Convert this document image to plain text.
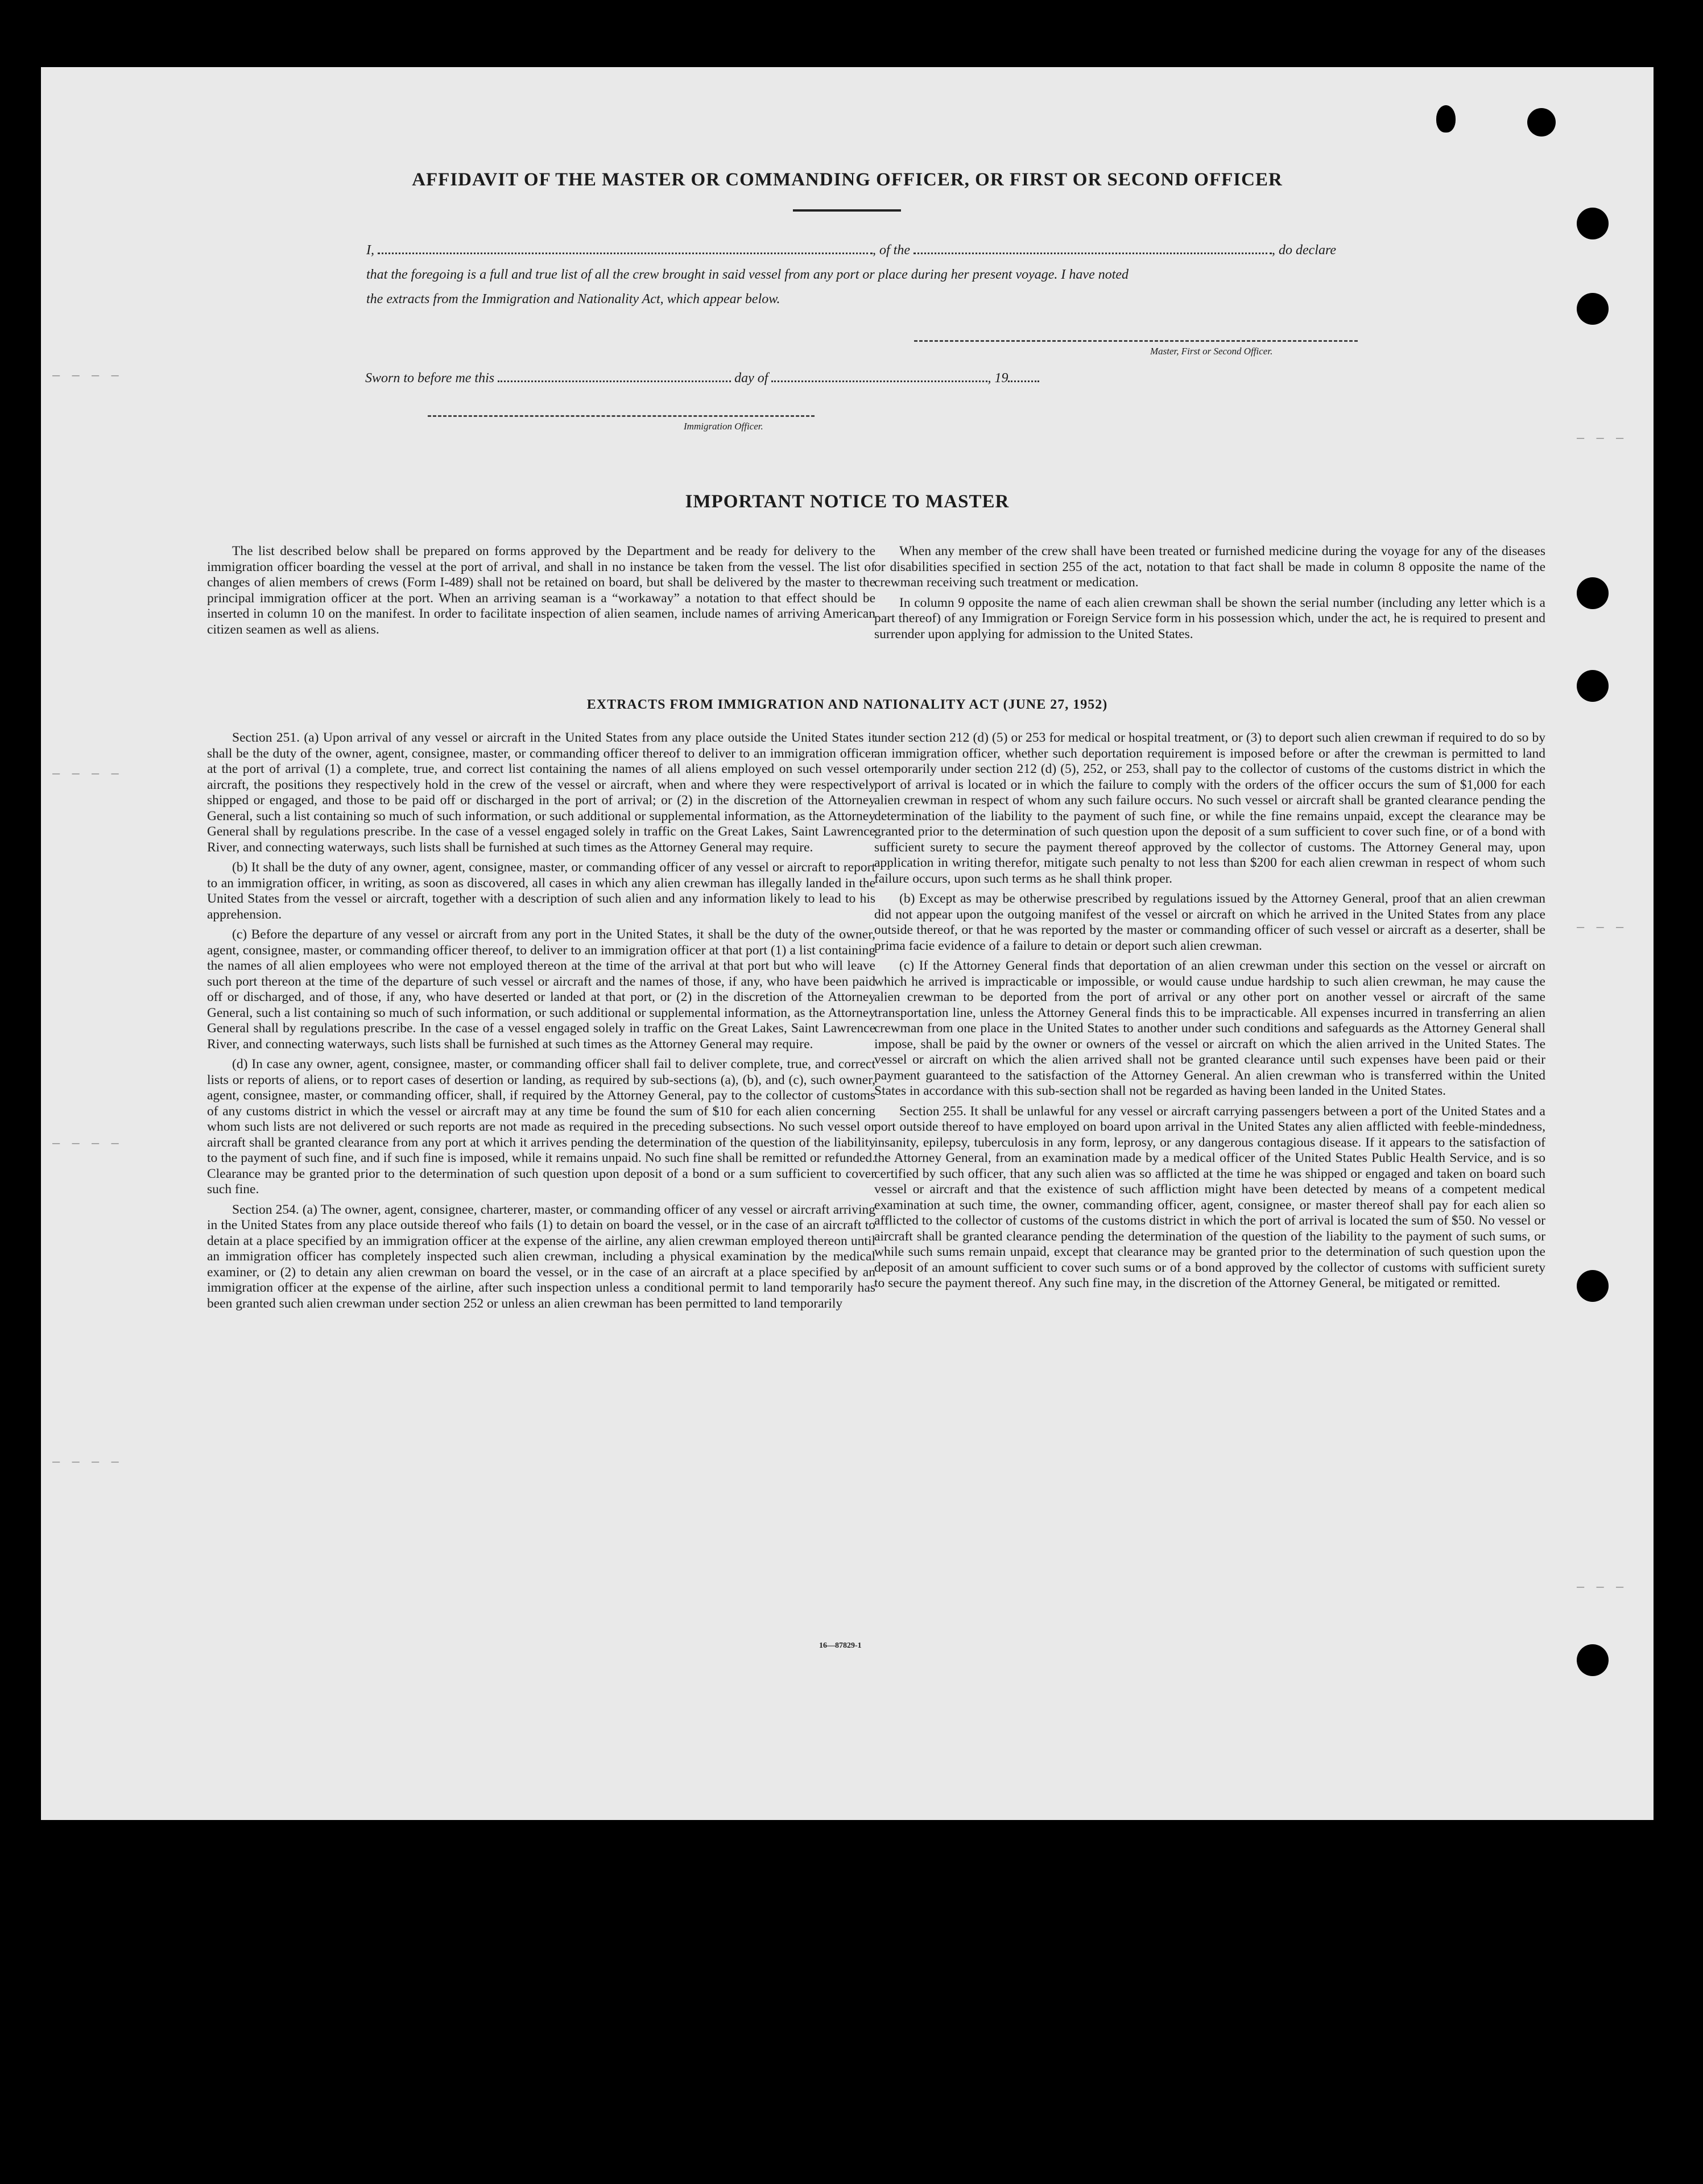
AFFIDAVIT OF THE MASTER OR COMMANDING OFFICER, OR FIRST OR SECOND OFFICER
I,	, of the	, do declare
that the foregoing is a full and true list of all the crew brought in said vessel from any port or place during her present voyage. I have noted
the extracts from the Immigration and Nationality Act, which appear below.
Master, First or Second Officer.
Sworn to before me this	day of	, 19
Immigration Officer.
IMPORTANT NOTICE TO MASTER

The list described below shall be prepared on forms approved by the Department and be ready for delivery to the immigration officer boarding the vessel at the port of arrival, and shall in no instance be taken from the vessel. The list of changes of alien members of crews (Form I-489) shall not be retained on board, but shall be delivered by the master to the principal immigration officer at the port. When an arriving seaman is a “workaway” a notation to that effect should be inserted in column 10 on the manifest. In order to facilitate inspection of alien seamen, include names of arriving American citizen seamen as well as aliens.

When any member of the crew shall have been treated or furnished medicine during the voyage for any of the diseases or disabilities specified in section 255 of the act, notation to that fact shall be made in column 8 opposite the name of the crewman receiving such treatment or medication.

In column 9 opposite the name of each alien crewman shall be shown the serial number (including any letter which is a part thereof) of any Immigration or Foreign Service form in his possession which, under the act, he is required to present and surrender upon applying for admission to the United States.

EXTRACTS FROM IMMIGRATION AND NATIONALITY ACT (JUNE 27, 1952)

Section 251. (a) Upon arrival of any vessel or aircraft in the United States from any place outside the United States it shall be the duty of the owner, agent, consignee, master, or commanding officer thereof to deliver to an immigration officer at the port of arrival (1) a complete, true, and correct list containing the names of all aliens employed on such vessel or aircraft, the positions they respectively hold in the crew of the vessel or aircraft, when and where they were respectively shipped or engaged, and those to be paid off or discharged in the port of arrival; or (2) in the discretion of the Attorney General, such a list containing so much of such information, or such additional or supplemental information, as the Attorney General shall by regulations prescribe. In the case of a vessel engaged solely in traffic on the Great Lakes, Saint Lawrence River, and connecting waterways, such lists shall be furnished at such times as the Attorney General may require.

(b) It shall be the duty of any owner, agent, consignee, master, or commanding officer of any vessel or aircraft to report to an immigration officer, in writing, as soon as discovered, all cases in which any alien crewman has illegally landed in the United States from the vessel or aircraft, together with a description of such alien and any information likely to lead to his apprehension.

(c) Before the departure of any vessel or aircraft from any port in the United States, it shall be the duty of the owner, agent, consignee, master, or commanding officer thereof, to deliver to an immigration officer at that port (1) a list containing the names of all alien employees who were not employed thereon at the time of the arrival at that port but who will leave such port thereon at the time of the departure of such vessel or aircraft and the names of those, if any, who have been paid off or discharged, and of those, if any, who have deserted or landed at that port, or (2) in the discretion of the Attorney General, such a list containing so much of such information, or such additional or supplemental information, as the Attorney General shall by regulations prescribe. In the case of a vessel engaged solely in traffic on the Great Lakes, Saint Lawrence River, and connecting waterways, such lists shall be furnished at such times as the Attorney General may require.

(d) In case any owner, agent, consignee, master, or commanding officer shall fail to deliver complete, true, and correct lists or reports of aliens, or to report cases of desertion or landing, as required by sub-sections (a), (b), and (c), such owner, agent, consignee, master, or commanding officer, shall, if required by the Attorney General, pay to the collector of customs of any customs district in which the vessel or aircraft may at any time be found the sum of $10 for each alien concerning whom such lists are not delivered or such reports are not made as required in the preceding subsections. No such vessel or aircraft shall be granted clearance from any port at which it arrives pending the determination of the question of the liability to the payment of such fine, and if such fine is imposed, while it remains unpaid. No such fine shall be remitted or refunded. Clearance may be granted prior to the determination of such question upon deposit of a bond or a sum sufficient to cover such fine.

Section 254. (a) The owner, agent, consignee, charterer, master, or commanding officer of any vessel or aircraft arriving in the United States from any place outside thereof who fails (1) to detain on board the vessel, or in the case of an aircraft to detain at a place specified by an immigration officer at the expense of the airline, any alien crewman employed thereon until an immigration officer has completely inspected such alien crewman, including a physical examination by the medical examiner, or (2) to detain any alien crewman on board the vessel, or in the case of an aircraft at a place specified by an immigration officer at the expense of the airline, after such inspection unless a conditional permit to land temporarily has been granted such alien crewman under section 252 or unless an alien crewman has been permitted to land temporarily

under section 212 (d) (5) or 253 for medical or hospital treatment, or (3) to deport such alien crewman if required to do so by an immigration officer, whether such deportation requirement is imposed before or after the crewman is permitted to land temporarily under section 212 (d) (5), 252, or 253, shall pay to the collector of customs of the customs district in which the port of arrival is located or in which the failure to comply with the orders of the officer occurs the sum of $1,000 for each alien crewman in respect of whom any such failure occurs. No such vessel or aircraft shall be granted clearance pending the determination of the liability to the payment of such fine, or while the fine remains unpaid, except the clearance may be granted prior to the determination of such question upon the deposit of a sum sufficient to cover such fine, or of a bond with sufficient surety to secure the payment thereof approved by the collector of customs. The Attorney General may, upon application in writing therefor, mitigate such penalty to not less than $200 for each alien crewman in respect of whom such failure occurs, upon such terms as he shall think proper.

(b) Except as may be otherwise prescribed by regulations issued by the Attorney General, proof that an alien crewman did not appear upon the outgoing manifest of the vessel or aircraft on which he arrived in the United States from any place outside thereof, or that he was reported by the master or commanding officer of such vessel or aircraft as a deserter, shall be prima facie evidence of a failure to detain or deport such alien crewman.

(c) If the Attorney General finds that deportation of an alien crewman under this section on the vessel or aircraft on which he arrived is impracticable or impossible, or would cause undue hardship to such alien crewman, he may cause the alien crewman to be deported from the port of arrival or any other port on another vessel or aircraft of the same transportation line, unless the Attorney General finds this to be impracticable. All expenses incurred in transferring an alien crewman from one place in the United States to another under such conditions and safeguards as the Attorney General shall impose, shall be paid by the owner or owners of the vessel or aircraft on which the alien arrived in the United States. The vessel or aircraft on which the alien arrived shall not be granted clearance until such expenses have been paid or their payment guaranteed to the satisfaction of the Attorney General. An alien crewman who is transferred within the United States in accordance with this sub-section shall not be regarded as having been landed in the United States.

Section 255. It shall be unlawful for any vessel or aircraft carrying passengers between a port of the United States and a port outside thereof to have employed on board upon arrival in the United States any alien afflicted with feeble-mindedness, insanity, epilepsy, tuberculosis in any form, leprosy, or any dangerous contagious disease. If it appears to the satisfaction of the Attorney General, from an examination made by a medical officer of the United States Public Health Service, and is so certified by such officer, that any such alien was so afflicted at the time he was shipped or engaged and taken on board such vessel or aircraft and that the existence of such affliction might have been detected by means of a competent medical examination at such time, the owner, commanding officer, agent, consignee, or master thereof shall pay for each alien so afflicted to the collector of customs of the customs district in which the port of arrival is located the sum of $50. No vessel or aircraft shall be granted clearance pending the determination of the question of the liability to the payment of such sums, or while such sums remain unpaid, except that clearance may be granted prior to the determination of such question upon the deposit of an amount sufficient to cover such sums or of a bond approved by the collector of customs with sufficient surety to secure the payment thereof. Any such fine may, in the discretion of the Attorney General, be mitigated or remitted.

16—87829-1
— — — —
— — — —
— — — —
— — — —
— — —
— — —
— — —
